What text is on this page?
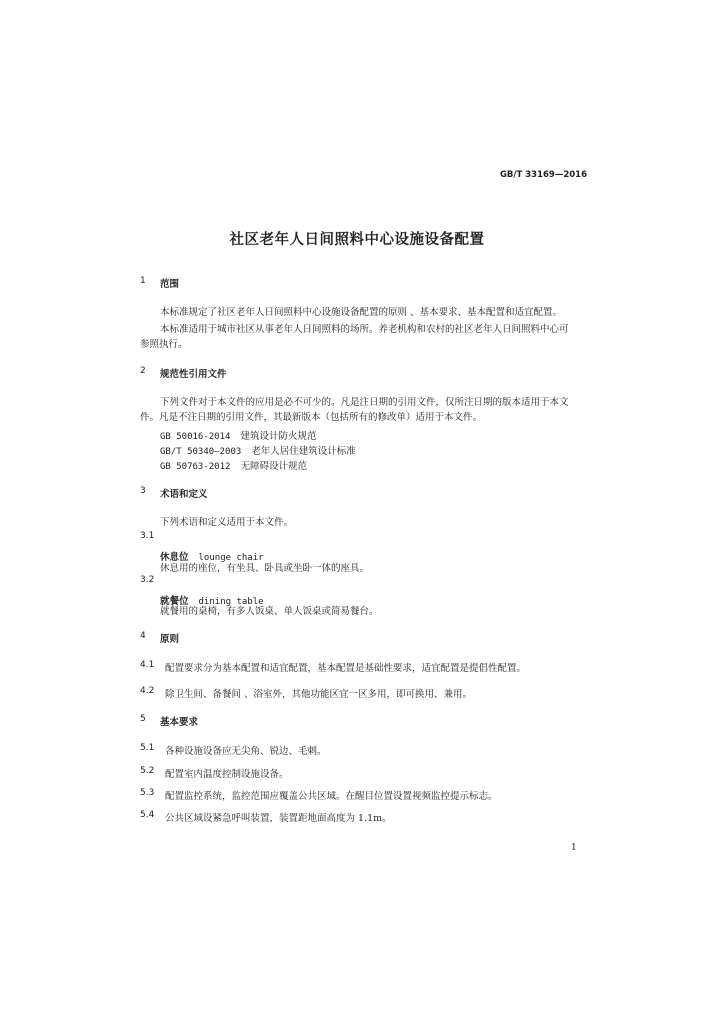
GB/T 33169—2016
社区老年人日间照料中心设施设备配置
1 范围
本标准规定了社区老年人日间照料中心设施设备配置的原则 、基本要求、基本配置和适宜配置。
本标准适用于城市社区从事老年人日间照料的场所。养老机构和农村的社区老年人日间照料中心可
参照执行。
2 规范性引用文件
下列文件对于本文件的应用是必不可少的。凡是注日期的引用文件，仅所注日期的版本适用于本文
件。凡是不注日期的引用文件，其最新版本（包括所有的修改单）适用于本文件。
GB 50016-2014 建筑设计防火规范
GB/T 50340—2003 老年人居住建筑设计标准
GB 50763-2012 无障碍设计规范
3 术语和定义
下列术语和定义适用于本文件。
3.1
休息位 lounge chair
休息用的座位，有坐具、卧具或坐卧一体的座具。
3.2
就餐位 dining table
就餐用的桌椅，有多人饭桌、单人饭桌或简易餐台。
4 原则
4.1 配置要求分为基本配置和适宜配置，基本配置是基础性要求，适宜配置是提倡性配置。
4.2 除卫生间、备餐间 、浴室外，其他功能区宜一区多用，即可换用、兼用。
5 基本要求
5.1 各种设施设备应无尖角、锐边、毛刺。
5.2 配置室内温度控制设施设备。
5.3 配置监控系统，监控范围应覆盖公共区域。在醒目位置设置视频监控提示标志。
5.4 公共区域设紧急呼叫装置，装置距地面高度为 1.1m。
1
